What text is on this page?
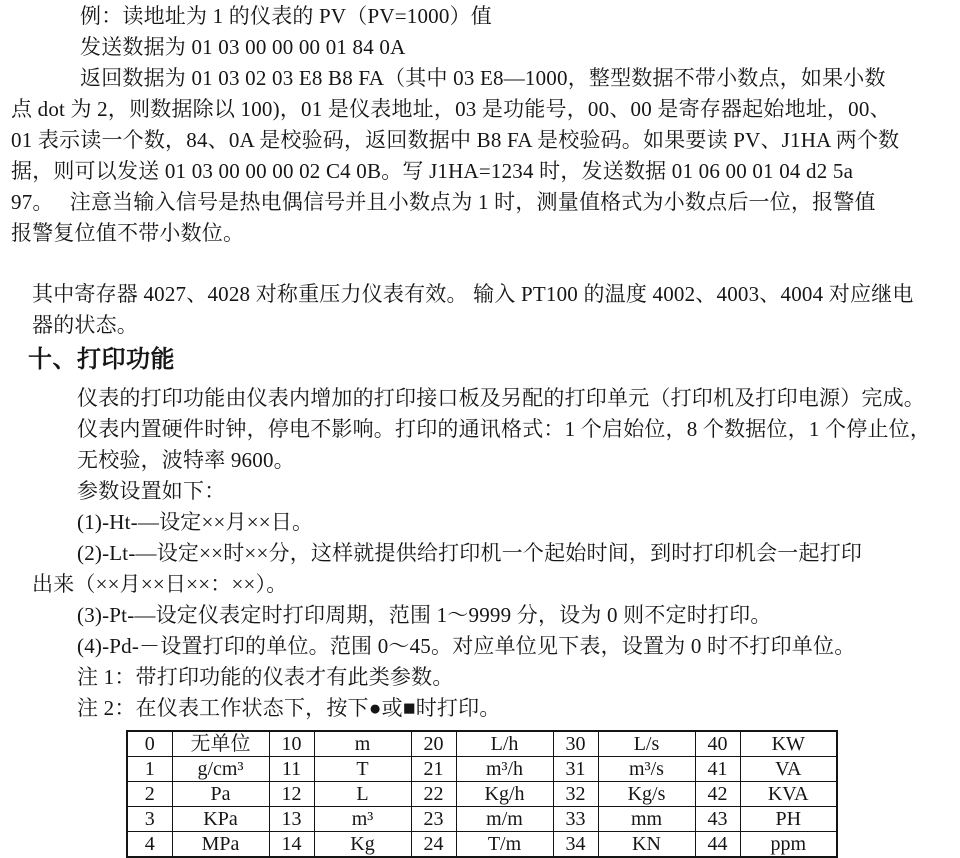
例：读地址为 1 的仪表的 PV（PV=1000）值
发送数据为 01 03 00 00 00 01 84 0A
返回数据为 01 03 02 03 E8 B8 FA（其中 03 E8—1000，整型数据不带小数点，如果小数
点 dot 为 2，则数据除以 100)，01 是仪表地址，03 是功能号，00、00 是寄存器起始地址，00、
01 表示读一个数，84、0A 是校验码，返回数据中 B8 FA 是校验码。如果要读 PV、J1HA 两个数
据，则可以发送 01 03 00 00 00 02 C4 0B。写 J1HA=1234 时，发送数据 01 06 00 01 04 d2 5a
97。　 注意当输入信号是热电偶信号并且小数点为 1 时，测量值格式为小数点后一位，报警值
报警复位值不带小数位。
其中寄存器 4027、4028 对称重压力仪表有效。 输入 PT100 的温度 4002、4003、4004 对应继电
器的状态。
十、打印功能
仪表的打印功能由仪表内增加的打印接口板及另配的打印单元（打印机及打印电源）完成。
仪表内置硬件时钟，停电不影响。打印的通讯格式：1 个启始位，8 个数据位，1 个停止位，
无校验，波特率 9600。
参数设置如下：
(1)-Ht-—设定××月××日。
(2)-Lt-—设定××时××分，这样就提供给打印机一个起始时间，到时打印机会一起打印
出来（××月××日××：××）。
(3)-Pt-—设定仪表定时打印周期，范围 1～9999 分，设为 0 则不定时打印。
(4)-Pd-－设置打印的单位。范围 0～45。对应单位见下表，设置为 0 时不打印单位。
注 1：带打印功能的仪表才有此类参数。
注 2：在仪表工作状态下，按下●或■时打印。
0	无单位	10	m	20	L/h	30	L/s	40	KW
1	g/cm³	11	T	21	m³/h	31	m³/s	41	VA
2	Pa	12	L	22	Kg/h	32	Kg/s	42	KVA
3	KPa	13	m³	23	m/m	33	mm	43	PH
4	MPa	14	Kg	24	T/m	34	KN	44	ppm
